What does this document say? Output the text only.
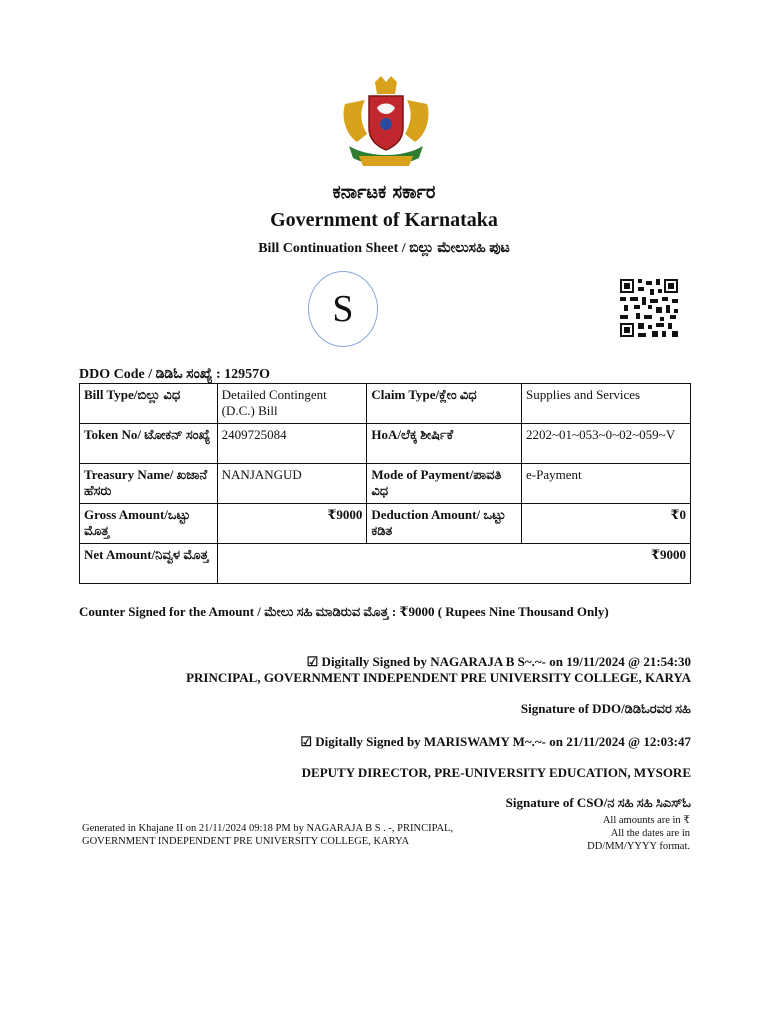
ಕರ್ನಾಟಕ ಸರ್ಕಾರ
Government of Karnataka
Bill Continuation Sheet / ಬಿಲ್ಲು ಮೇಲುಸಹಿ ಪುಟ
S
DDO Code / ಡಿಡಿಓ ಸಂಖ್ಯೆ : 12957O
Bill Type/ಬಿಲ್ಲು ವಿಧ	Detailed Contingent (D.C.) Bill	Claim Type/ಕ್ಲೇಂ ವಿಧ	Supplies and Services
Token No/ ಟೋಕನ್ ಸಂಖ್ಯೆ	2409725084	HoA/ಲೆಕ್ಕ ಶೀರ್ಷಿಕೆ	2202~01~053~0~02~059~V
Treasury Name/ ಖಜಾನೆ ಹೆಸರು	NANJANGUD	Mode of Payment/ಪಾವತಿ ವಿಧ	e-Payment
Gross Amount/ಒಟ್ಟು ಮೊತ್ತ	₹9000	Deduction Amount/ ಒಟ್ಟು ಕಡಿತ	₹0
Net Amount/ನಿವ್ವಳ ಮೊತ್ತ	₹9000		
Counter Signed for the Amount / ಮೇಲು ಸಹಿ ಮಾಡಿರುವ ಮೊತ್ತ : ₹9000 ( Rupees Nine Thousand Only)
☑ Digitally Signed by NAGARAJA B S~.~- on 19/11/2024 @ 21:54:30
PRINCIPAL, GOVERNMENT INDEPENDENT PRE UNIVERSITY COLLEGE, KARYA
Signature of DDO/ಡಿಡಿಓರವರ ಸಹಿ
☑ Digitally Signed by MARISWAMY M~.~- on 21/11/2024 @ 12:03:47
DEPUTY DIRECTOR, PRE-UNIVERSITY EDUCATION, MYSORE
Signature of CSO/ನ ಸಹಿ ಸಹಿ ಸಿಎಸ್ಓ
Generated in Khajane II on 21/11/2024 09:18 PM by NAGARAJA B S . -, PRINCIPAL,
GOVERNMENT INDEPENDENT PRE UNIVERSITY COLLEGE, KARYA
All amounts are in ₹
All the dates are in
DD/MM/YYYY format.
